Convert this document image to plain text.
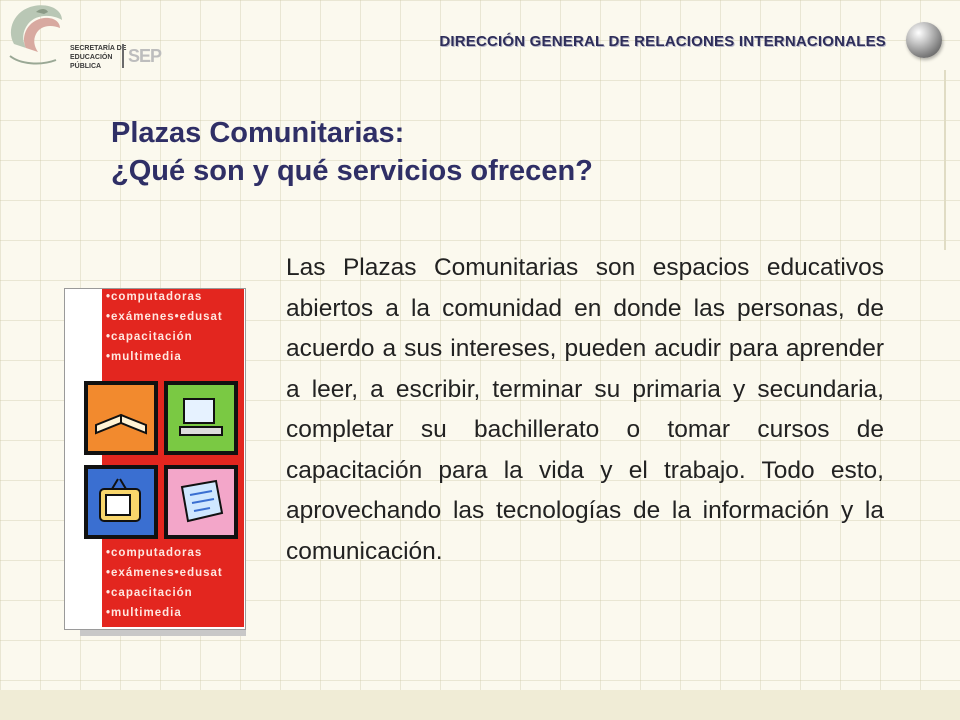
SECRETARÍA DE
EDUCACIÓN
PÚBLICA
SEP
DIRECCIÓN GENERAL DE RELACIONES INTERNACIONALES
Plazas Comunitarias:
¿Qué son y qué servicios ofrecen?
•computadoras
•exámenes•edusat
•capacitación
•multimedia
•computadoras
•exámenes•edusat
•capacitación
•multimedia
Las Plazas Comunitarias son espacios educativos abiertos a la comunidad en donde las personas, de acuerdo a sus intereses, pueden acudir para aprender a leer, a escribir, terminar su primaria y secundaria, completar su bachillerato o tomar cursos de capacitación para la vida y el trabajo. Todo esto, aprovechando las tecnologías de la información y la comunicación.
